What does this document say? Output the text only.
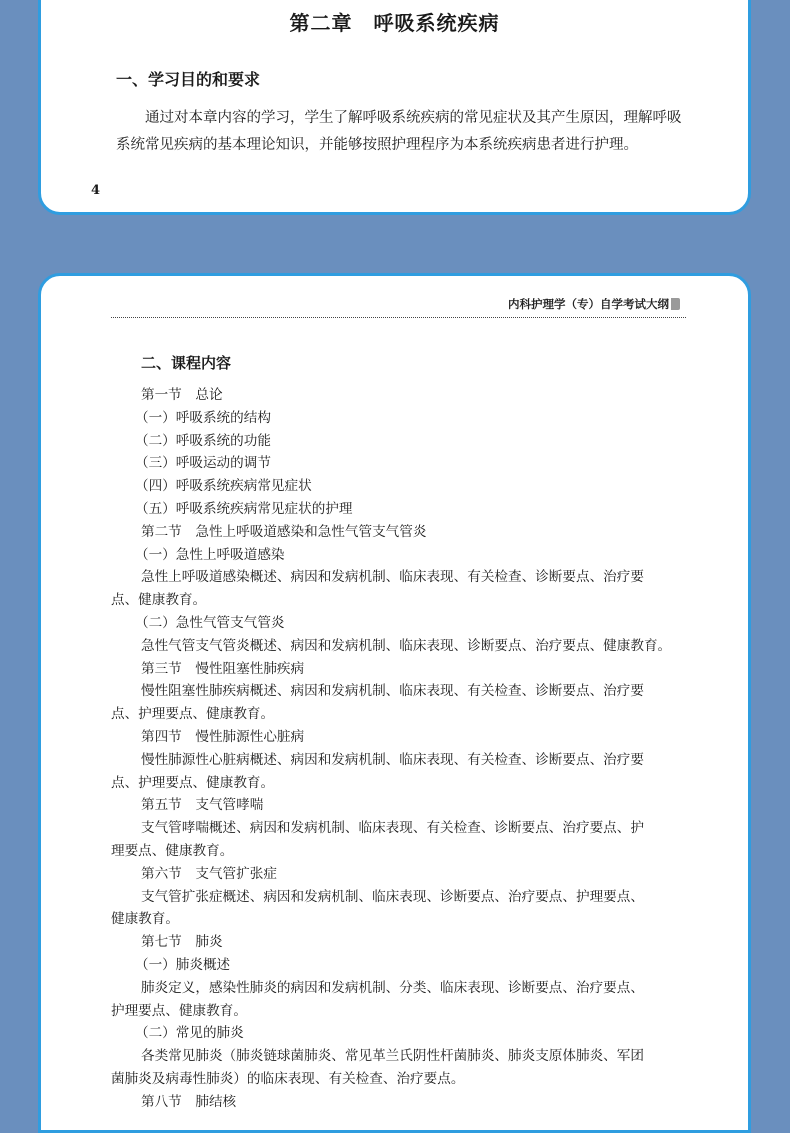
第二章　呼吸系统疾病
一、学习目的和要求
通过对本章内容的学习，学生了解呼吸系统疾病的常见症状及其产生原因，理解呼吸
系统常见疾病的基本理论知识，并能够按照护理程序为本系统疾病患者进行护理。
4
内科护理学（专）自学考试大纲
二、课程内容
第一节　总论
（一）呼吸系统的结构
（二）呼吸系统的功能
（三）呼吸运动的调节
（四）呼吸系统疾病常见症状
（五）呼吸系统疾病常见症状的护理
第二节　急性上呼吸道感染和急性气管支气管炎
（一）急性上呼吸道感染
急性上呼吸道感染概述、病因和发病机制、临床表现、有关检查、诊断要点、治疗要
点、健康教育。
（二）急性气管支气管炎
急性气管支气管炎概述、病因和发病机制、临床表现、诊断要点、治疗要点、健康教育。
第三节　慢性阻塞性肺疾病
慢性阻塞性肺疾病概述、病因和发病机制、临床表现、有关检查、诊断要点、治疗要
点、护理要点、健康教育。
第四节　慢性肺源性心脏病
慢性肺源性心脏病概述、病因和发病机制、临床表现、有关检查、诊断要点、治疗要
点、护理要点、健康教育。
第五节　支气管哮喘
支气管哮喘概述、病因和发病机制、临床表现、有关检查、诊断要点、治疗要点、护
理要点、健康教育。
第六节　支气管扩张症
支气管扩张症概述、病因和发病机制、临床表现、诊断要点、治疗要点、护理要点、
健康教育。
第七节　肺炎
（一）肺炎概述
肺炎定义，感染性肺炎的病因和发病机制、分类、临床表现、诊断要点、治疗要点、
护理要点、健康教育。
（二）常见的肺炎
各类常见肺炎（肺炎链球菌肺炎、常见革兰氏阴性杆菌肺炎、肺炎支原体肺炎、军团
菌肺炎及病毒性肺炎）的临床表现、有关检查、治疗要点。
第八节　肺结核
